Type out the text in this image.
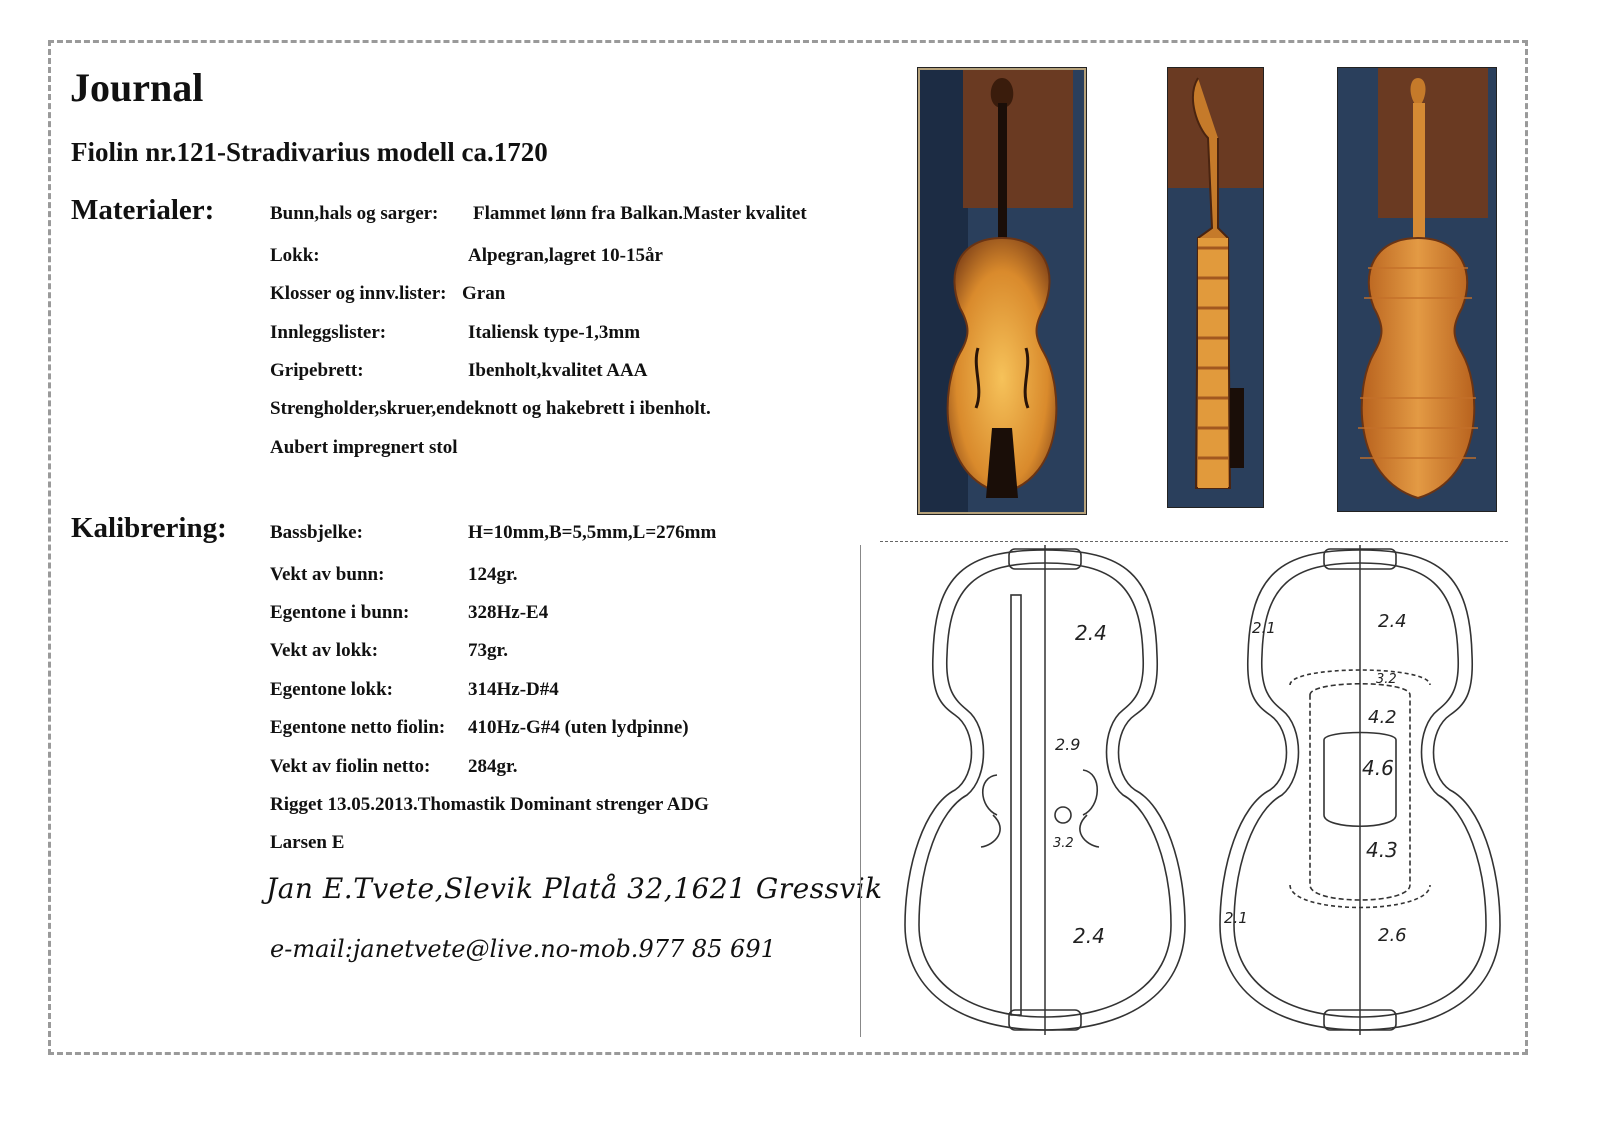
Journal
Fiolin nr.121-Stradivarius modell ca.1720
Materialer:	Bunn,hals og sarger: Flammet lønn fra Balkan.Master kvalitet
Lokk:	Alpegran,lagret 10-15år
Klosser og innv.lister: Gran
Innleggslister:	Italiensk type-1,3mm
Gripebrett:	Ibenholt,kvalitet AAA
Strengholder,skruer,endeknott og hakebrett i ibenholt.
Aubert impregnert stol
Kalibrering: Bassbjelke:	H=10mm,B=5,5mm,L=276mm
Vekt av bunn:	124gr.
Egentone i bunn:	328Hz-E4
Vekt av lokk:	73gr.
Egentone lokk:	314Hz-D#4
Egentone netto fiolin: 410Hz-G#4 (uten lydpinne)
Vekt av fiolin netto: 284gr.
Rigget 13.05.2013.Thomastik Dominant strenger ADG
Larsen E
Jan E.Tvete,Slevik Platå 32,1621 Gressvik
e-mail:janetvete@live.no-mob.977 85 691
2.4
2.9
3.2
2.4
2.4
3.2
4.2
4.6
4.3
2.6
2.1
2.1
